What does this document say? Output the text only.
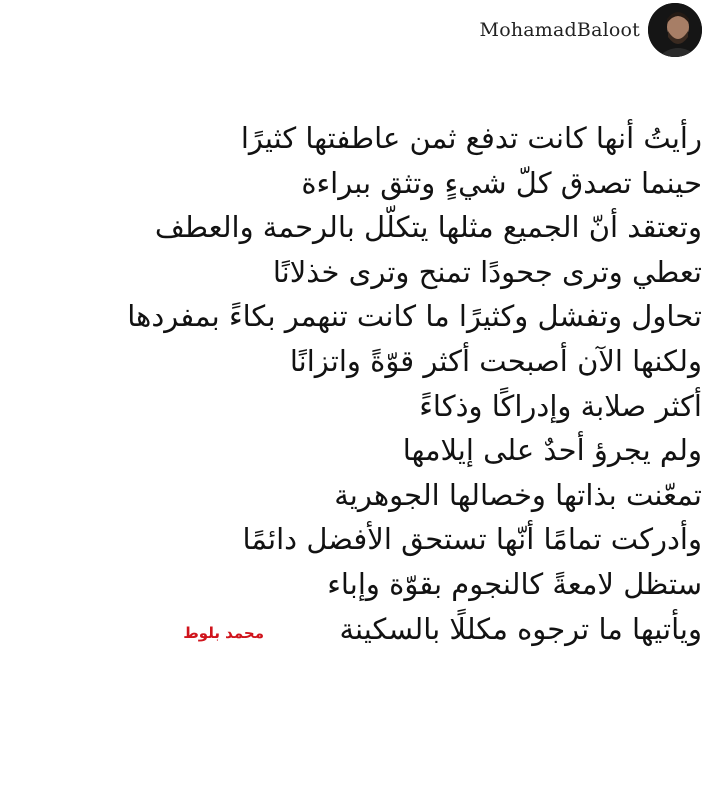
MohamadBaloot
رأيتُ أنها كانت تدفع ثمن عاطفتها كثيرًا
حينما تصدق كلّ شيءٍ وتثق ببراءة
وتعتقد أنّ الجميع مثلها يتكلّل بالرحمة والعطف
تعطي وترى جحودًا تمنح وترى خذلانًا
تحاول وتفشل وكثيرًا ما كانت تنهمر بكاءً بمفردها
ولكنها الآن أصبحت أكثر قوّةً واتزانًا
أكثر صلابة وإدراكًا وذكاءً
ولم يجرؤ أحدٌ على إيلامها
تمعّنت بذاتها وخصالها الجوهرية
وأدركت تمامًا أنّها تستحق الأفضل دائمًا
ستظل لامعةً كالنجوم بقوّة وإباء
ويأتيها ما ترجوه مكللًا بالسكينة
محمد بلوط
